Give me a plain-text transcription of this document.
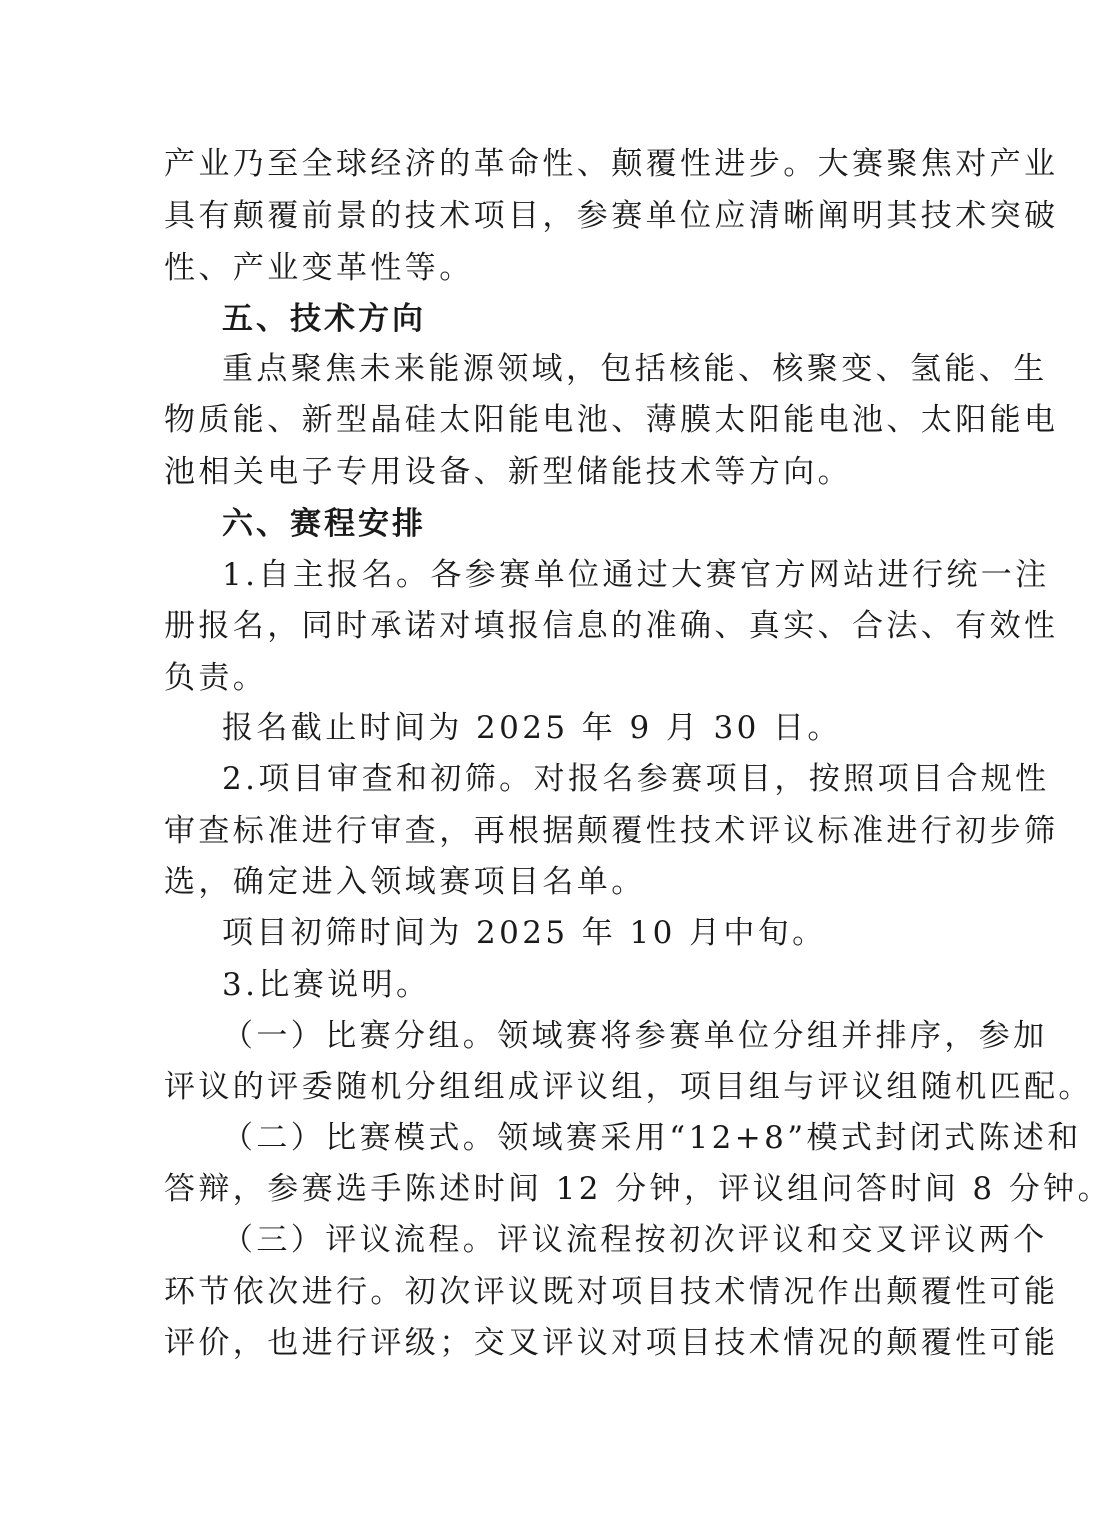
产业乃至全球经济的革命性、颠覆性进步。大赛聚焦对产业
具有颠覆前景的技术项目，参赛单位应清晰阐明其技术突破
性、产业变革性等。
五、技术方向
重点聚焦未来能源领域，包括核能、核聚变、氢能、生
物质能、新型晶硅太阳能电池、薄膜太阳能电池、太阳能电
池相关电子专用设备、新型储能技术等方向。
六、赛程安排
1.自主报名。各参赛单位通过大赛官方网站进行统一注
册报名，同时承诺对填报信息的准确、真实、合法、有效性
负责。
报名截止时间为 2025 年 9 月 30 日。
2.项目审查和初筛。对报名参赛项目，按照项目合规性
审查标准进行审查，再根据颠覆性技术评议标准进行初步筛
选，确定进入领域赛项目名单。
项目初筛时间为 2025 年 10 月中旬。
3.比赛说明。
（一）比赛分组。领域赛将参赛单位分组并排序，参加
评议的评委随机分组组成评议组，项目组与评议组随机匹配。
（二）比赛模式。领域赛采用“12+8”模式封闭式陈述和
答辩，参赛选手陈述时间 12 分钟，评议组问答时间 8 分钟。
（三）评议流程。评议流程按初次评议和交叉评议两个
环节依次进行。初次评议既对项目技术情况作出颠覆性可能
评价，也进行评级；交叉评议对项目技术情况的颠覆性可能
